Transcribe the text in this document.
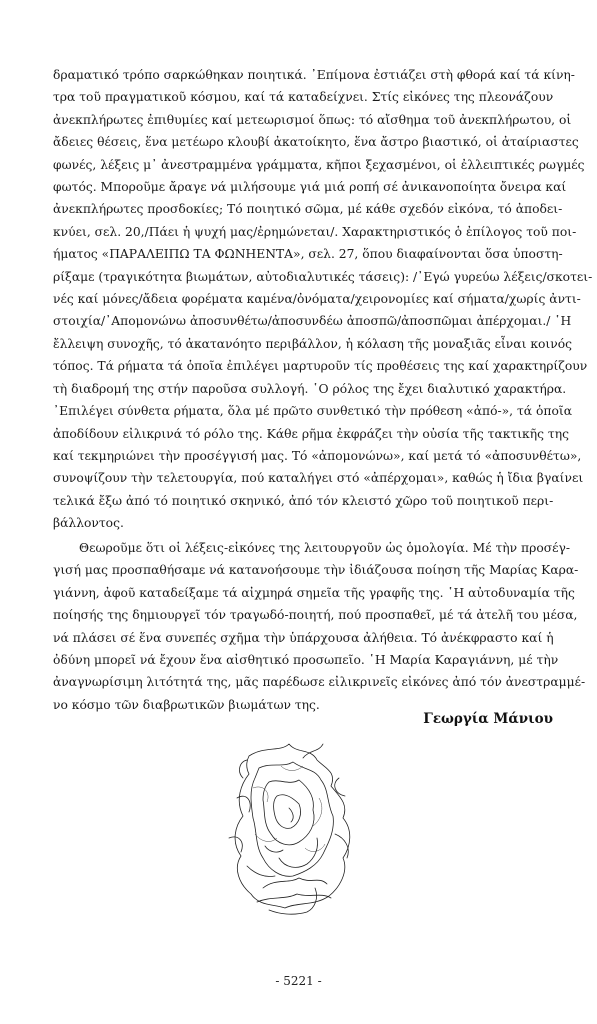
δραματικό τρόπο σαρκώθηκαν ποιητικά. ᾿Επίμονα ἐστιάζει στὴ φθορά καί τά κίνη-
τρα τοῦ πραγματικοῦ κόσμου, καί τά καταδείχνει. Στίς εἰκόνες της πλεονάζουν
ἀνεκπλήρωτες ἐπιθυμίες καί μετεωρισμοί ὅπως: τό αἴσθημα τοῦ ἀνεκπλήρωτου, οἱ
ἄδειες θέσεις, ἕνα μετέωρο κλουβί ἀκατοίκητο, ἕνα ἄστρο βιαστικό, οἱ ἀταίριαστες
φωνές, λέξεις μ᾿ ἀνεστραμμένα γράμματα, κῆποι ξεχασμένοι, οἱ ἐλλειπτικές ρωγμές
φωτός. Μποροῦμε ἄραγε νά μιλήσουμε γιά μιά ροπή σέ ἀνικανοποίητα ὄνειρα καί
ἀνεκπλήρωτες προσδοκίες; Τό ποιητικό σῶμα, μέ κάθε σχεδόν εἰκόνα, τό ἀποδει-
κνύει, σελ. 20,/Πάει ἡ ψυχή μας/ἐρημώνεται/. Χαρακτηριστικός ὁ ἐπίλογος τοῦ ποι-
ήματος «ΠΑΡΑΛΕΙΠΩ ΤΑ ΦΩΝΗΕΝΤΑ», σελ. 27, ὅπου διαφαίνονται ὅσα ὑποστη-
ρίξαμε (τραγικότητα βιωμάτων, αὐτοδιαλυτικές τάσεις): /᾿Εγώ γυρεύω λέξεις/σκοτει-
νές καί μόνες/ἄδεια φορέματα καμένα/ὀνόματα/χειρονομίες καί σήματα/χωρίς ἀντι-
στοιχία/᾿Απομονώνω ἀποσυνθέτω/ἀποσυνδέω ἀποσπῶ/ἀποσπῶμαι ἀπέρχομαι./ ῾Η
ἔλλειψη συνοχῆς, τό ἀκατανόητο περιβάλλον, ἡ κόλαση τῆς μοναξιᾶς εἶναι κοινός
τόπος. Τά ρήματα τά ὁποῖα ἐπιλέγει μαρτυροῦν τίς προθέσεις της καί χαρακτηρίζουν
τὴ διαδρομή της στήν παροῦσα συλλογή. ῾Ο ρόλος της ἔχει διαλυτικό χαρακτήρα.
᾿Επιλέγει σύνθετα ρήματα, ὅλα μέ πρῶτο συνθετικό τὴν πρόθεση «ἀπό-», τά ὁποῖα
ἀποδίδουν εἰλικρινά τό ρόλο της. Κάθε ρῆμα ἐκφράζει τὴν οὐσία τῆς τακτικῆς της
καί τεκμηριώνει τὴν προσέγγισή μας. Τό «ἀπομονώνω», καί μετά τό «ἀποσυνθέτω»,
συνοψίζουν τὴν τελετουργία, πού καταλήγει στό «ἀπέρχομαι», καθώς ἡ ἴδια βγαίνει
τελικά ἔξω ἀπό τό ποιητικό σκηνικό, ἀπό τόν κλειστό χῶρο τοῦ ποιητικοῦ περι-
βάλλοντος.
Θεωροῦμε ὅτι οἱ λέξεις-εἰκόνες της λειτουργοῦν ὡς ὁμολογία. Μέ τὴν προσέγ-
γισή μας προσπαθήσαμε νά κατανοήσουμε τὴν ἰδιάζουσα ποίηση τῆς Μαρίας Καρα-
γιάννη, ἀφοῦ καταδείξαμε τά αἰχμηρά σημεῖα τῆς γραφῆς της. ῾Η αὐτοδυναμία τῆς
ποίησής της δημιουργεῖ τόν τραγωδό-ποιητή, πού προσπαθεῖ, μέ τά ἀτελῆ του μέσα,
νά πλάσει σέ ἕνα συνεπές σχῆμα τὴν ὑπάρχουσα ἀλήθεια. Τό ἀνέκφραστο καί ἡ
ὀδύνη μπορεῖ νά ἔχουν ἕνα αἰσθητικό προσωπεῖο. ῾Η Μαρία Καραγιάννη, μέ τὴν
ἀναγνωρίσιμη λιτότητά της, μᾶς παρέδωσε εἰλικρινεῖς εἰκόνες ἀπό τόν ἀνεστραμμέ-
νο κόσμο τῶν διαβρωτικῶν βιωμάτων της.
Γεωργία Μάνιου
- 5221 -
